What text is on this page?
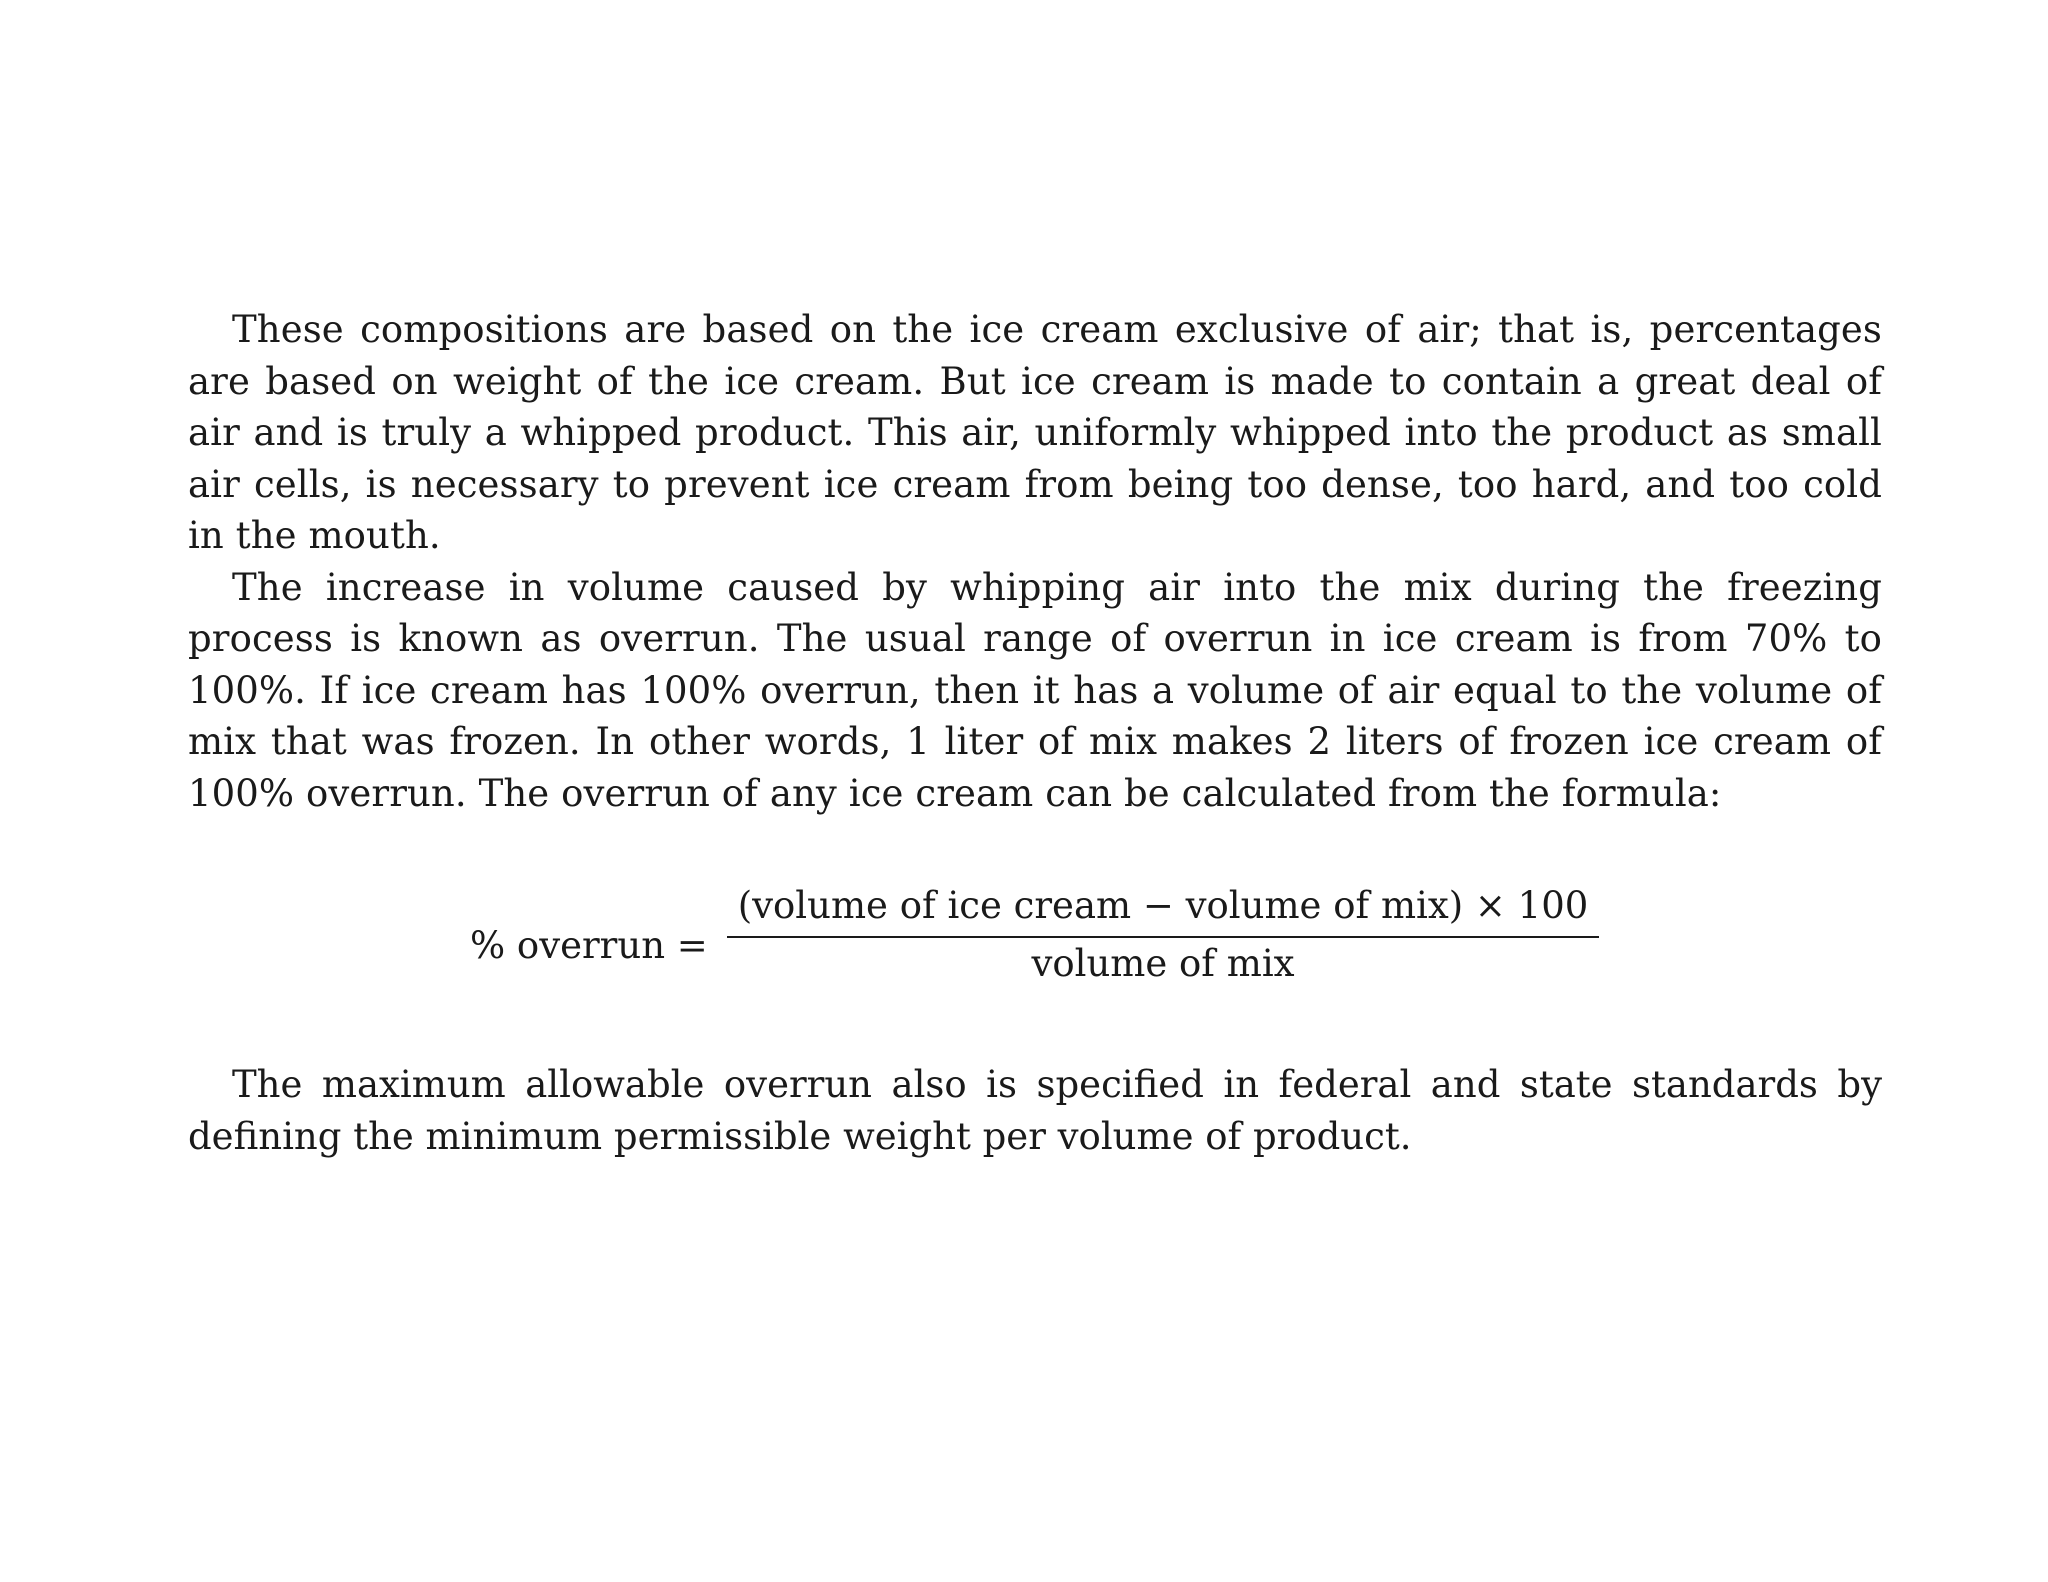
These compositions are based on the ice cream exclusive of air; that is, percentages are based on weight of the ice cream. But ice cream is made to contain a great deal of air and is truly a whipped product. This air, uniformly whipped into the product as small air cells, is necessary to prevent ice cream from being too dense, too hard, and too cold in the mouth.

The increase in volume caused by whipping air into the mix during the freezing process is known as overrun. The usual range of overrun in ice cream is from 70% to 100%. If ice cream has 100% overrun, then it has a volume of air equal to the volume of mix that was frozen. In other words, 1 liter of mix makes 2 liters of frozen ice cream of 100% overrun. The overrun of any ice cream can be calculated from the formula:

% overrun =
(volume of ice cream − volume of mix) × 100
volume of mix

The maximum allowable overrun also is specified in federal and state standards by defining the minimum permissible weight per volume of product.
